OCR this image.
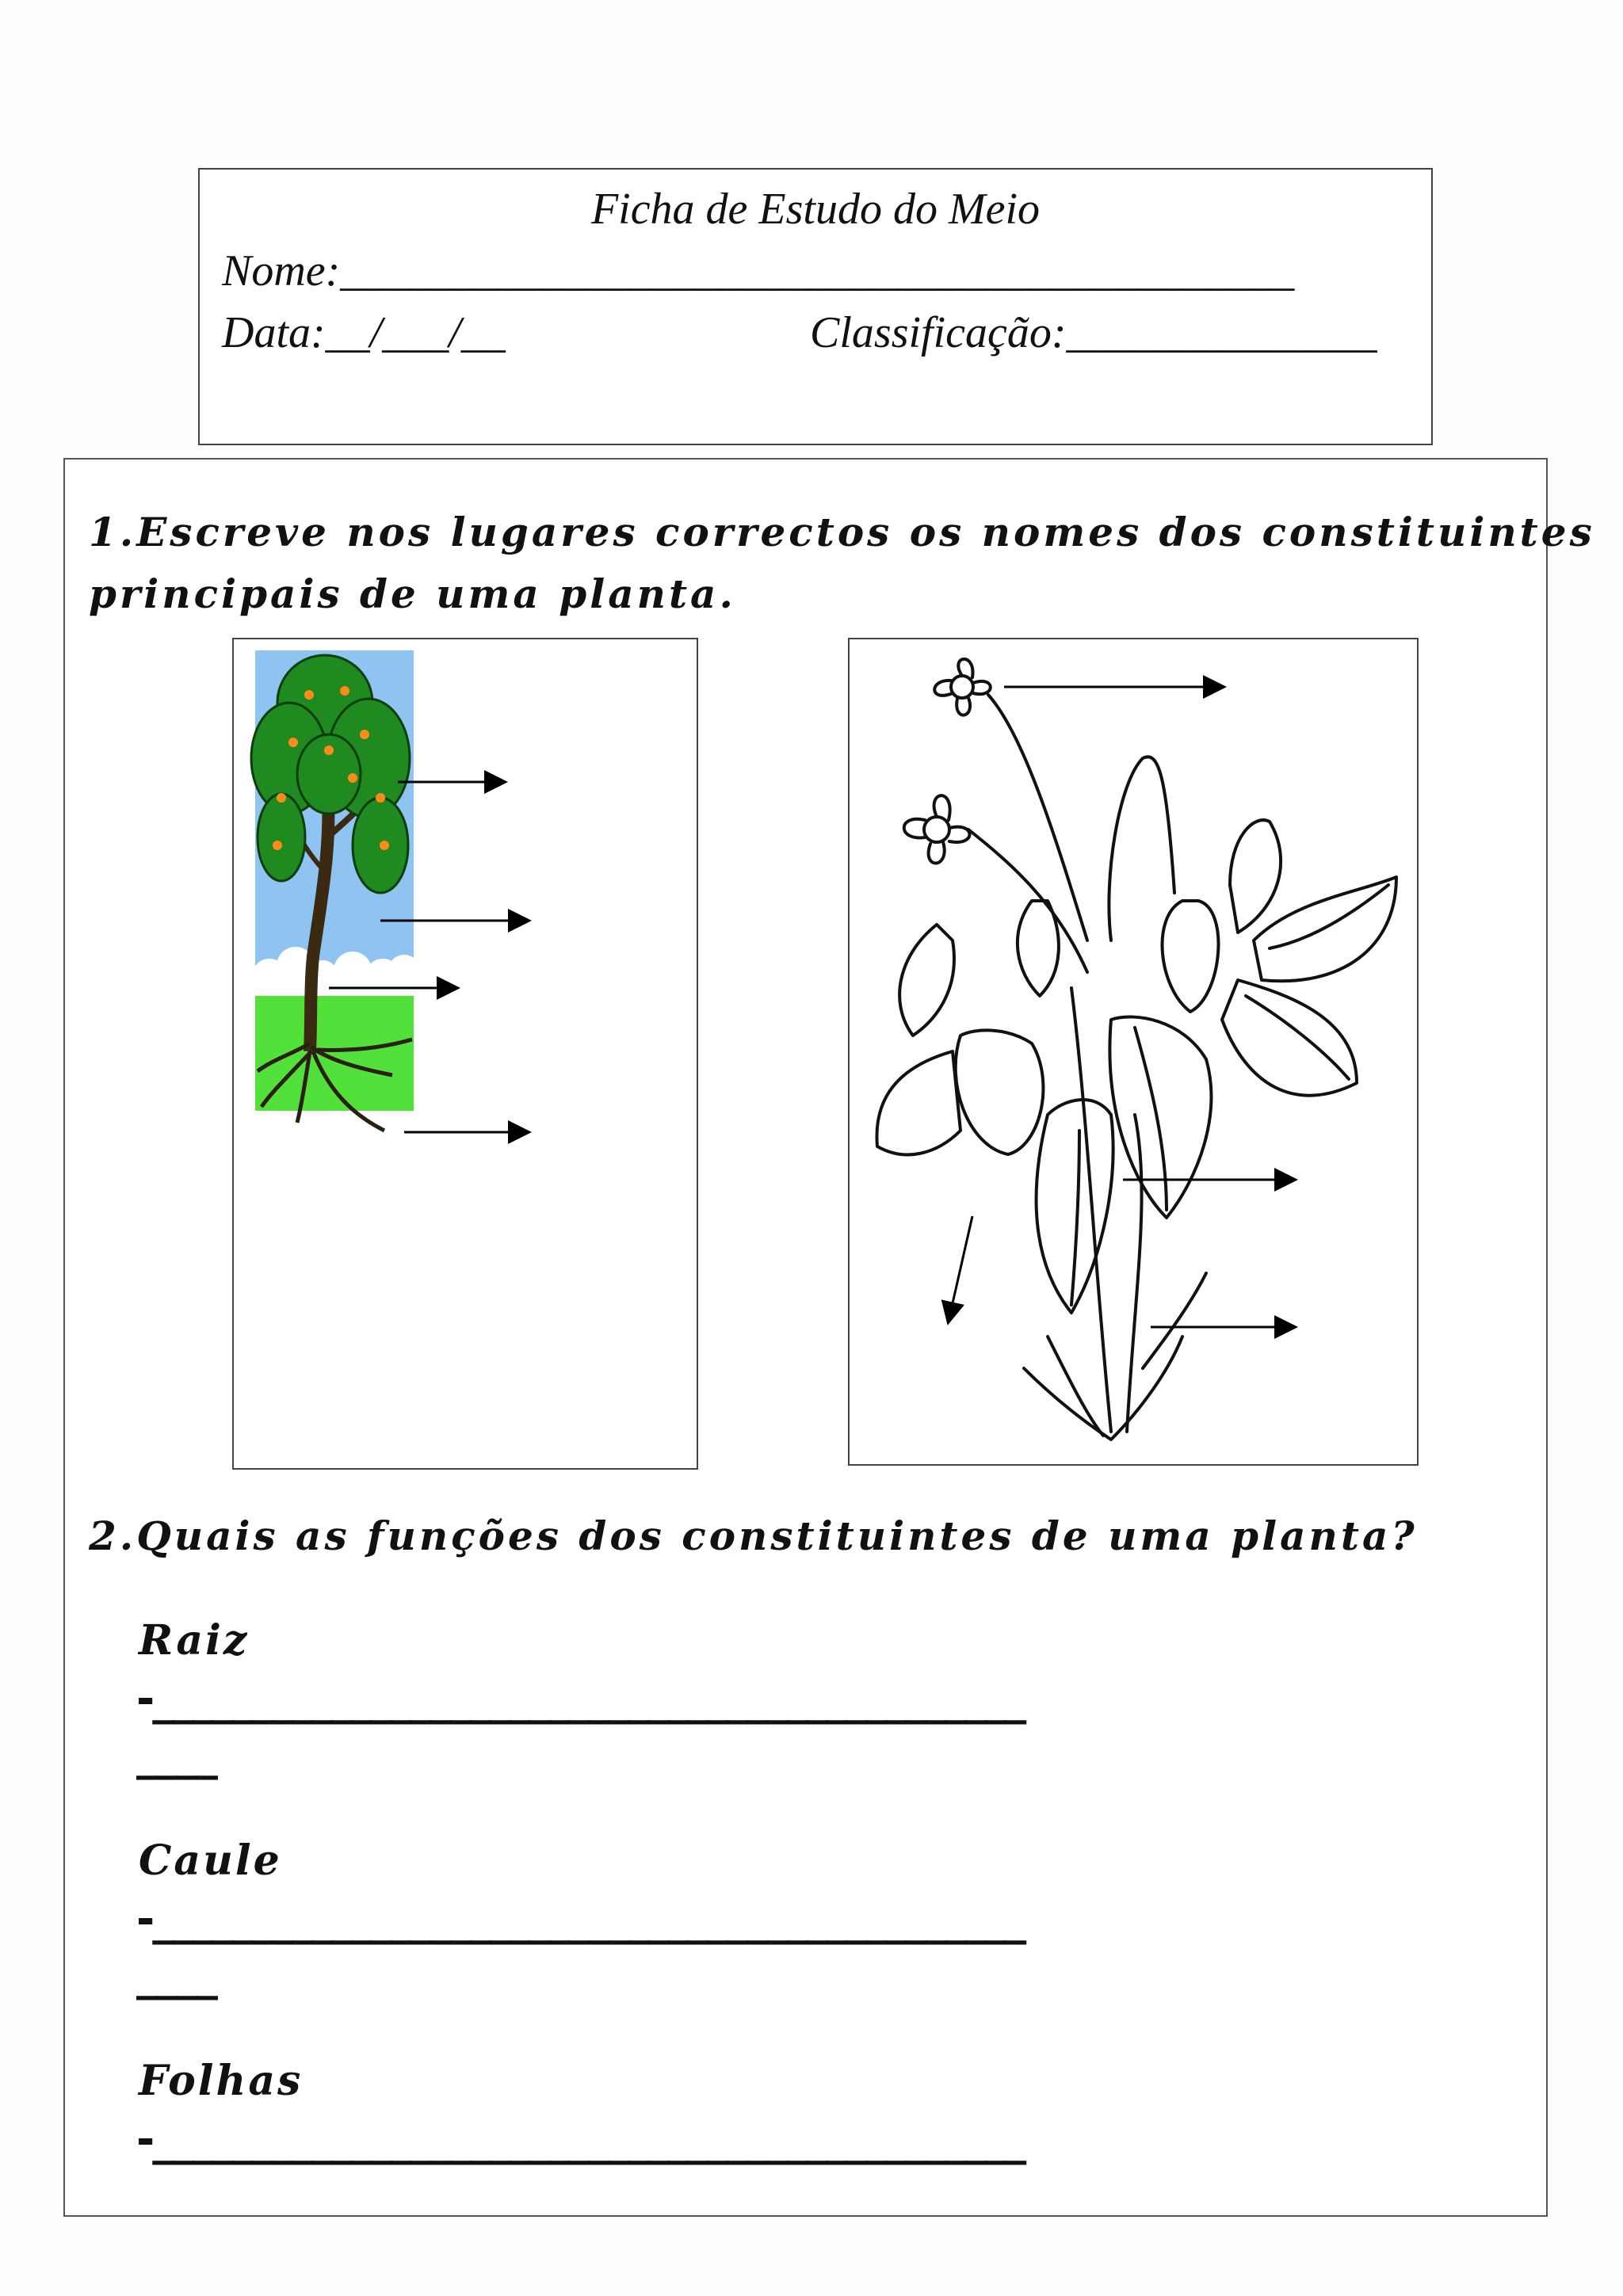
Ficha de Estudo do Meio
Nome:___________________________________________
Data:__/___/__	Classificação:______________
1.Escreve nos lugares correctos os nomes dos constituintes
principais de uma planta.
2.Quais as funções dos constituintes de uma planta?
Raiz
-____________________________________________
____
Caule
-____________________________________________
____
Folhas
-____________________________________________
